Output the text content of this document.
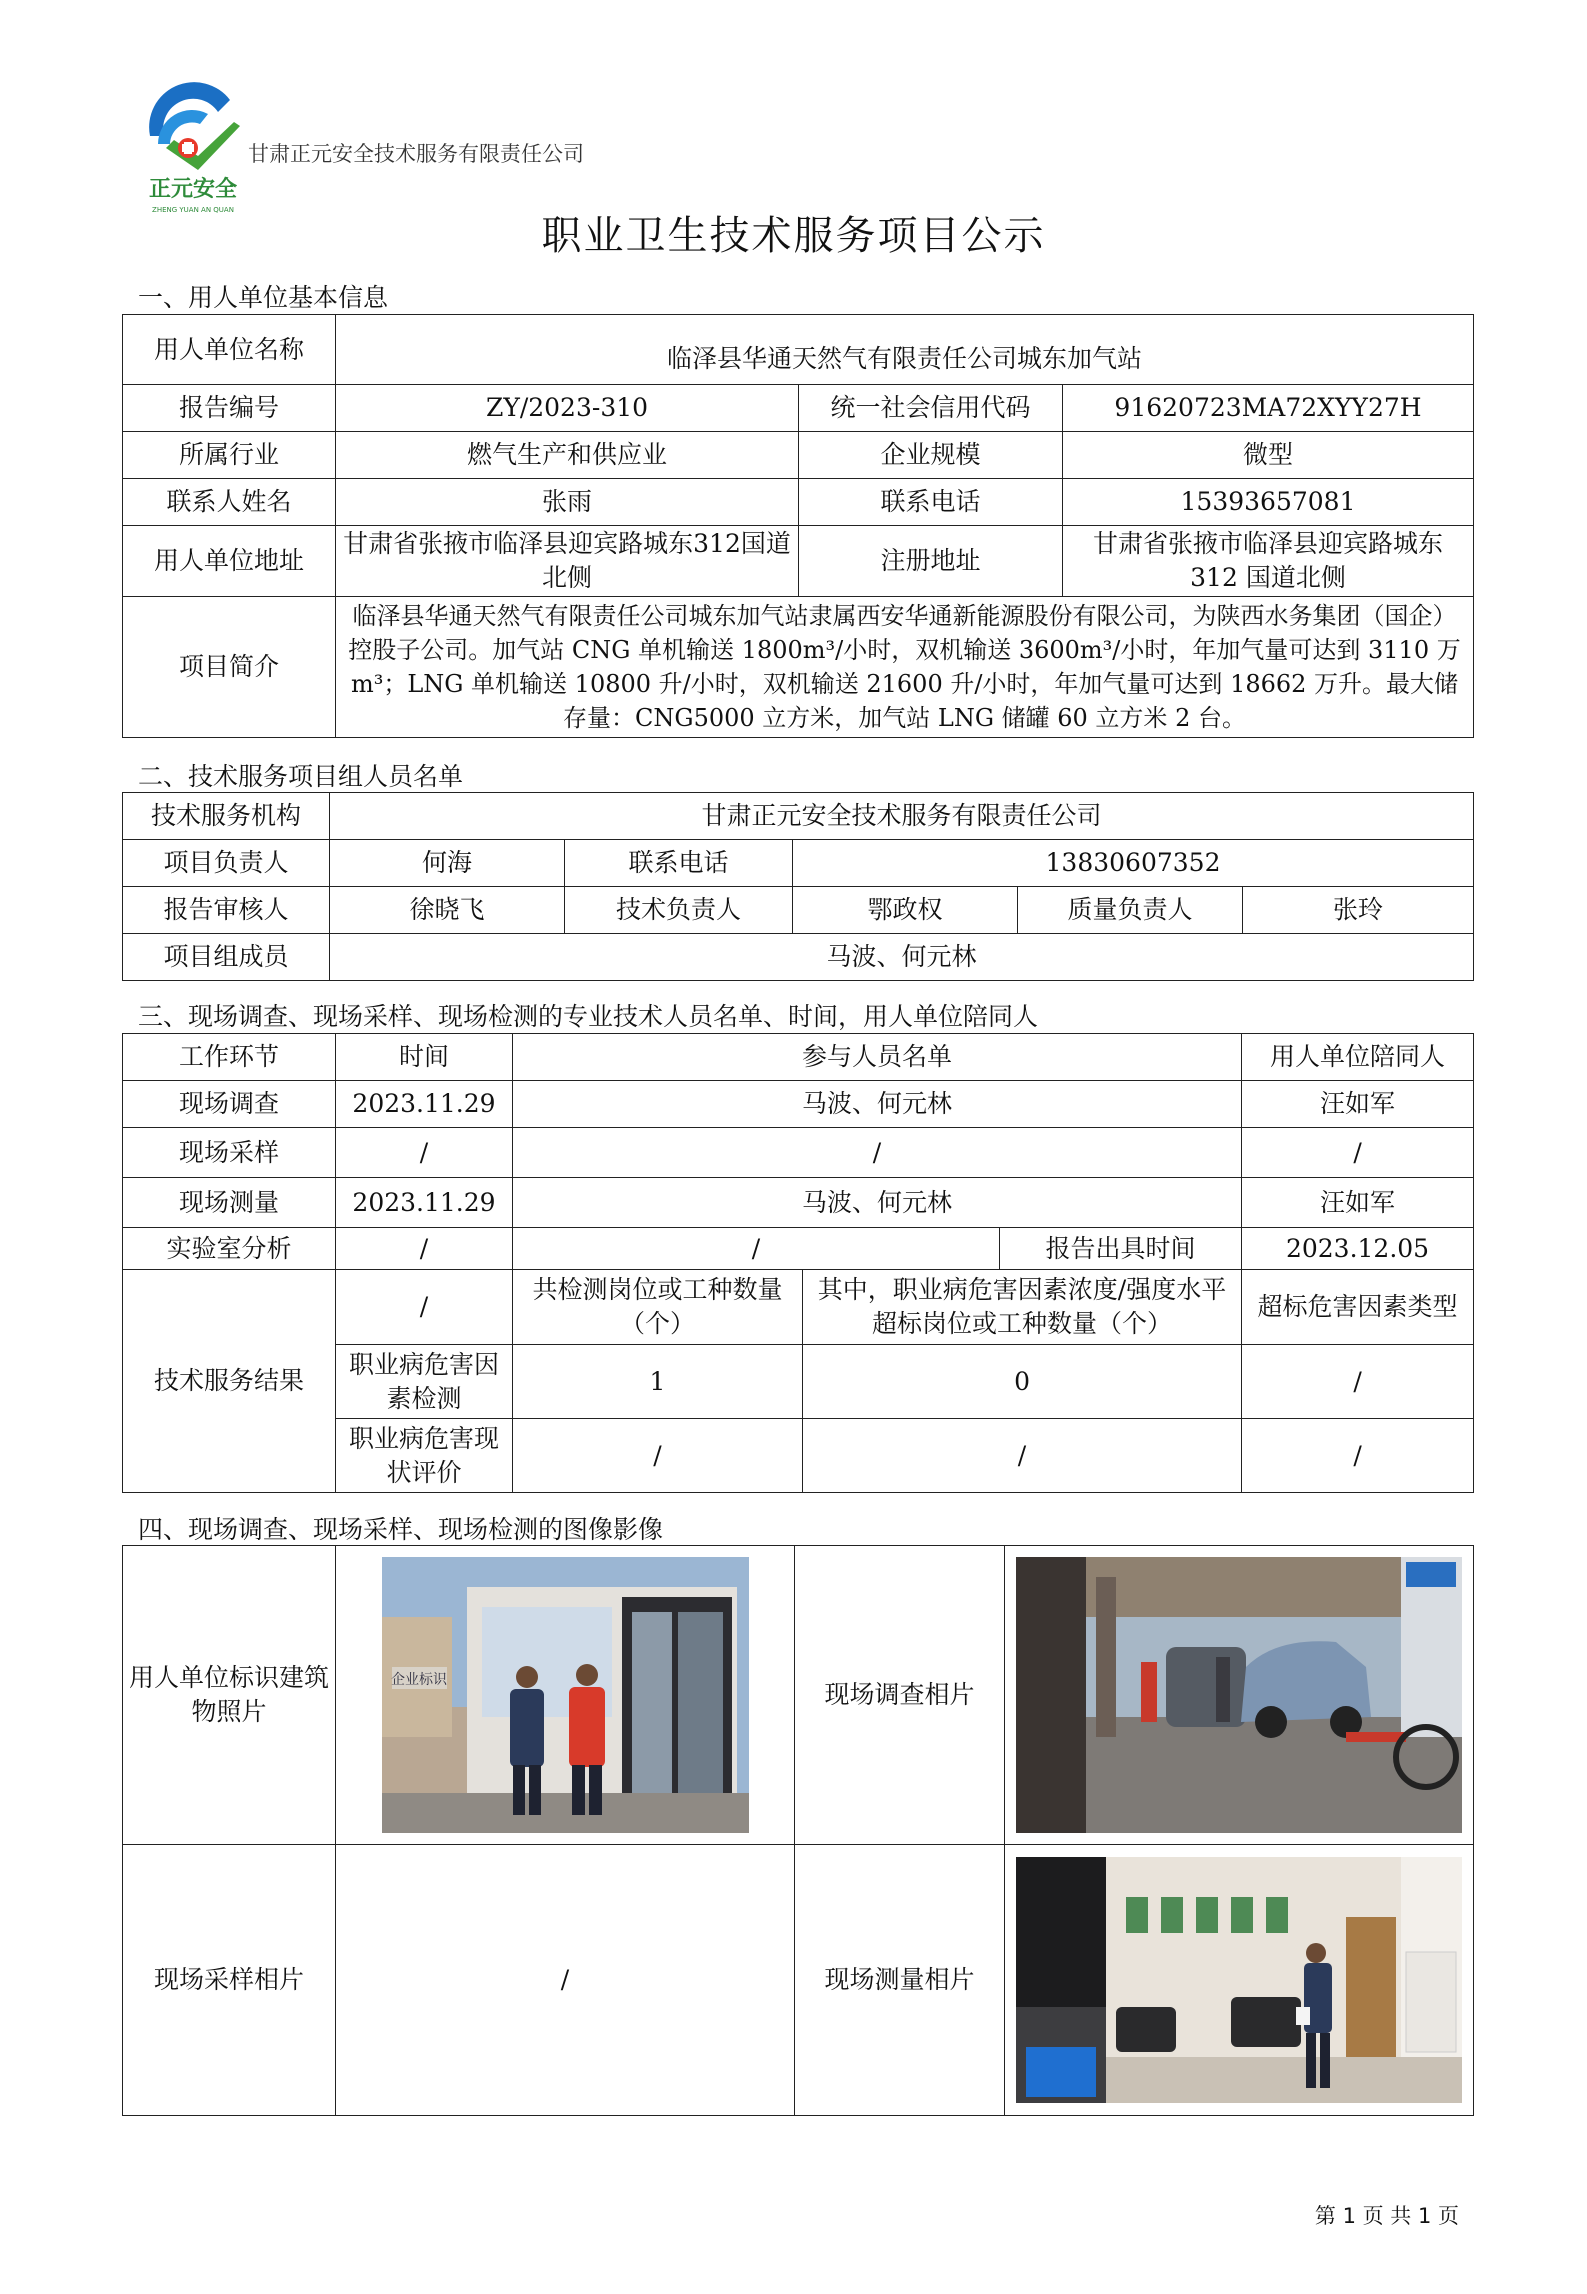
正元安全
ZHENG YUAN AN QUAN
甘肃正元安全技术服务有限责任公司
职业卫生技术服务项目公示
一、用人单位基本信息
用人单位名称	临泽县华通天然气有限责任公司城东加气站		
报告编号	ZY/2023-310	统一社会信用代码	91620723MA72XYY27H
所属行业	燃气生产和供应业	企业规模	微型
联系人姓名	张雨	联系电话	15393657081
用人单位地址	甘肃省张掖市临泽县迎宾路城东312国道北侧	注册地址	甘肃省张掖市临泽县迎宾路城东 312 国道北侧
项目简介	临泽县华通天然气有限责任公司城东加气站隶属西安华通新能源股份有限公司，为陕西水务集团（国企）控股子公司。加气站 CNG 单机输送 1800m³/小时，双机输送 3600m³/小时，年加气量可达到 3110 万 m³；LNG 单机输送 10800 升/小时，双机输送 21600 升/小时，年加气量可达到 18662 万升。最大储存量：CNG5000 立方米，加气站 LNG 储罐 60 立方米 2 台。		
二、技术服务项目组人员名单
技术服务机构	甘肃正元安全技术服务有限责任公司				
项目负责人	何海	联系电话	13830607352		
报告审核人	徐晓飞	技术负责人	鄂政权	质量负责人	张玲
项目组成员	马波、何元林				
三、现场调查、现场采样、现场检测的专业技术人员名单、时间，用人单位陪同人
工作环节	时间	参与人员名单			用人单位陪同人
现场调查	2023.11.29	马波、何元林			汪如军
现场采样	/	/			/
现场测量	2023.11.29	马波、何元林			汪如军
实验室分析	/	/		报告出具时间	2023.12.05
技术服务结果	/	共检测岗位或工种数量（个）	其中，职业病危害因素浓度/强度水平超标岗位或工种数量（个）		超标危害因素类型
	职业病危害因素检测	1	0		/
	职业病危害现状评价	/	/		/
四、现场调查、现场采样、现场检测的图像影像
用人单位标识建筑物照片	企业标识	现场调查相片	

现场采样相片	/	现场测量相片	
第 1 页 共 1 页
